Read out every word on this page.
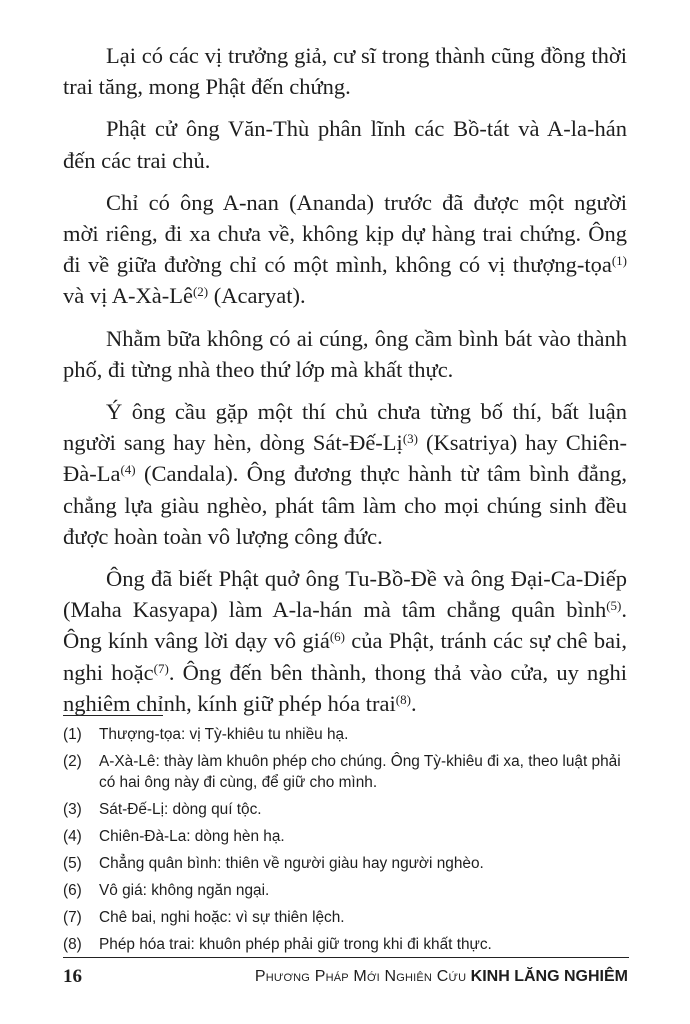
Lại có các vị trưởng giả, cư sĩ trong thành cũng đồng thời trai tăng, mong Phật đến chứng.

Phật cử ông Văn-Thù phân lĩnh các Bồ-tát và A-la-hán đến các trai chủ.

Chỉ có ông A-nan (Ananda) trước đã được một người mời riêng, đi xa chưa về, không kịp dự hàng trai chứng. Ông đi về giữa đường chỉ có một mình, không có vị thượng-tọa$^{(1)}$ và vị $A-Xà-Lê^{(2)}$ (Acaryat).

Nhằm bữa không có ai cúng, ông cầm bình bát vào thành phố, đi từng nhà theo thứ lớp mà khất thực.

Ý ông cầu gặp một thí chủ chưa từng bố thí, bất luận người sang hay hèn, dòng Sát-Đế-Lị$^{(3)}$ (Ksatriya) hay Chiên-Đà-La$^{(4)}$ (Candala). Ông đương thực hành từ tâm bình đẳng, chẳng lựa giàu nghèo, phát tâm làm cho mọi chúng sinh đều được hoàn toàn vô lượng công đức.

Ông đã biết Phật quở ông Tu-Bồ-Đề và ông Đại-Ca-Diếp (Maha Kasyapa) làm A-la-hán mà tâm chẳng quân bình$^{(5)}$. Ông kính vâng lời dạy vô giá$^{(6)}$ của Phật, tránh các sự chê bai, nghi hoặc$^{(7)}$. Ông đến bên thành, thong thả vào cửa, uy nghi nghiêm chỉnh, kính giữ phép hóa trai$^{(8)}$.

(1)	Thượng-tọa: vị Tỳ-khiêu tu nhiều hạ.
(2)	A-Xà-Lê: thày làm khuôn phép cho chúng. Ông Tỳ-khiêu đi xa, theo luật phải có hai ông này đi cùng, để giữ cho mình.
(3)	Sát-Đế-Lị: dòng quí tộc.
(4)	Chiên-Đà-La: dòng hèn hạ.
(5)	Chẳng quân bình: thiên về người giàu hay người nghèo.
(6)	Vô giá: không ngăn ngại.
(7)	Chê bai, nghi hoặc: vì sự thiên lệch.
(8)	Phép hóa trai: khuôn phép phải giữ trong khi đi khất thực.
16	Phương Pháp Mới Nghiên Cứu KINH LĂNG NGHIÊM
